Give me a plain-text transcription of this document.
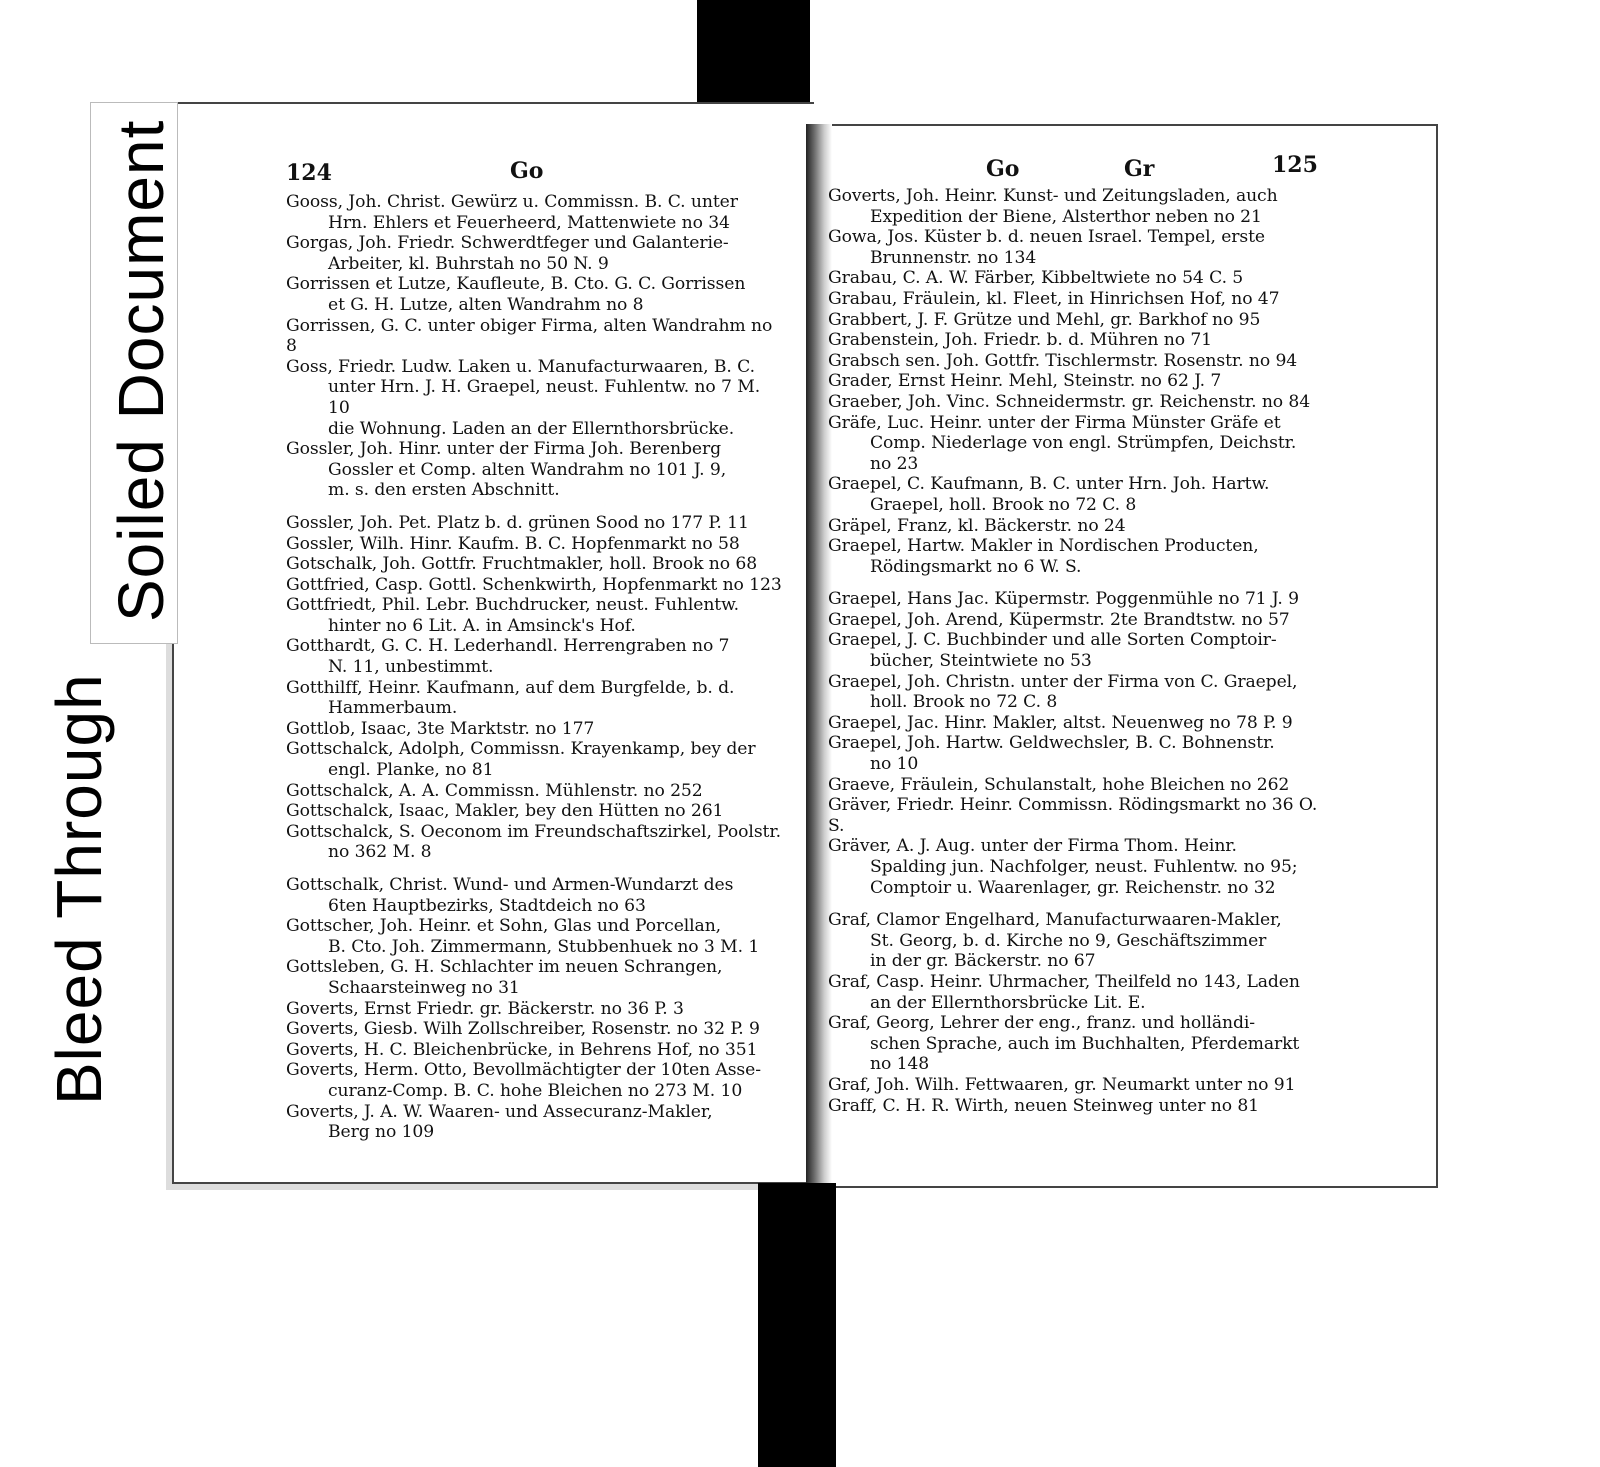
Soiled Document
Bleed Through
124	Go	Go	Gr	125
Gooss, Joh. Christ. Gewürz u. Commissn. B. C. unter
Hrn. Ehlers et Feuerheerd, Mattenwiete no 34
Gorgas, Joh. Friedr. Schwerdtfeger und Galanterie-
Arbeiter, kl. Buhrstah no 50 N. 9
Gorrissen et Lutze, Kaufleute, B. Cto. G. C. Gorrissen
et G. H. Lutze, alten Wandrahm no 8
Gorrissen, G. C. unter obiger Firma, alten Wandrahm no 8
Goss, Friedr. Ludw. Laken u. Manufacturwaaren, B. C.
unter Hrn. J. H. Graepel, neust. Fuhlentw. no 7 M. 10
die Wohnung. Laden an der Ellernthorsbrücke.
Gossler, Joh. Hinr. unter der Firma Joh. Berenberg
Gossler et Comp. alten Wandrahm no 101 J. 9,
m. s. den ersten Abschnitt.
Gossler, Joh. Pet. Platz b. d. grünen Sood no 177 P. 11
Gossler, Wilh. Hinr. Kaufm. B. C. Hopfenmarkt no 58
Gotschalk, Joh. Gottfr. Fruchtmakler, holl. Brook no 68
Gottfried, Casp. Gottl. Schenkwirth, Hopfenmarkt no 123
Gottfriedt, Phil. Lebr. Buchdrucker, neust. Fuhlentw.
hinter no 6 Lit. A. in Amsinck's Hof.
Gotthardt, G. C. H. Lederhandl. Herrengraben no 7
N. 11, unbestimmt.
Gotthilff, Heinr. Kaufmann, auf dem Burgfelde, b. d.
Hammerbaum.
Gottlob, Isaac, 3te Marktstr. no 177
Gottschalck, Adolph, Commissn. Krayenkamp, bey der
engl. Planke, no 81
Gottschalck, A. A. Commissn. Mühlenstr. no 252
Gottschalck, Isaac, Makler, bey den Hütten no 261
Gottschalck, S. Oeconom im Freundschaftszirkel, Poolstr.
no 362 M. 8
Gottschalk, Christ. Wund- und Armen-Wundarzt des
6ten Hauptbezirks, Stadtdeich no 63
Gottscher, Joh. Heinr. et Sohn, Glas und Porcellan,
B. Cto. Joh. Zimmermann, Stubbenhuek no 3 M. 1
Gottsleben, G. H. Schlachter im neuen Schrangen,
Schaarsteinweg no 31
Goverts, Ernst Friedr. gr. Bäckerstr. no 36 P. 3
Goverts, Giesb. Wilh Zollschreiber, Rosenstr. no 32 P. 9
Goverts, H. C. Bleichenbrücke, in Behrens Hof, no 351
Goverts, Herm. Otto, Bevollmächtigter der 10ten Asse-
curanz-Comp. B. C. hohe Bleichen no 273 M. 10
Goverts, J. A. W. Waaren- und Assecuranz-Makler,
Berg no 109
Goverts, Joh. Heinr. Kunst- und Zeitungsladen, auch
Expedition der Biene, Alsterthor neben no 21
Gowa, Jos. Küster b. d. neuen Israel. Tempel, erste
Brunnenstr. no 134
Grabau, C. A. W. Färber, Kibbeltwiete no 54 C. 5
Grabau, Fräulein, kl. Fleet, in Hinrichsen Hof, no 47
Grabbert, J. F. Grütze und Mehl, gr. Barkhof no 95
Grabenstein, Joh. Friedr. b. d. Mühren no 71
Grabsch sen. Joh. Gottfr. Tischlermstr. Rosenstr. no 94
Grader, Ernst Heinr. Mehl, Steinstr. no 62 J. 7
Graeber, Joh. Vinc. Schneidermstr. gr. Reichenstr. no 84
Gräfe, Luc. Heinr. unter der Firma Münster Gräfe et
Comp. Niederlage von engl. Strümpfen, Deichstr.
no 23
Graepel, C. Kaufmann, B. C. unter Hrn. Joh. Hartw.
Graepel, holl. Brook no 72 C. 8
Gräpel, Franz, kl. Bäckerstr. no 24
Graepel, Hartw. Makler in Nordischen Producten,
Rödingsmarkt no 6 W. S.
Graepel, Hans Jac. Küpermstr. Poggenmühle no 71 J. 9
Graepel, Joh. Arend, Küpermstr. 2te Brandtstw. no 57
Graepel, J. C. Buchbinder und alle Sorten Comptoir-
bücher, Steintwiete no 53
Graepel, Joh. Christn. unter der Firma von C. Graepel,
holl. Brook no 72 C. 8
Graepel, Jac. Hinr. Makler, altst. Neuenweg no 78 P. 9
Graepel, Joh. Hartw. Geldwechsler, B. C. Bohnenstr.
no 10
Graeve, Fräulein, Schulanstalt, hohe Bleichen no 262
Gräver, Friedr. Heinr. Commissn. Rödingsmarkt no 36 O. S.
Gräver, A. J. Aug. unter der Firma Thom. Heinr.
Spalding jun. Nachfolger, neust. Fuhlentw. no 95;
Comptoir u. Waarenlager, gr. Reichenstr. no 32
Graf, Clamor Engelhard, Manufacturwaaren-Makler,
St. Georg, b. d. Kirche no 9, Geschäftszimmer
in der gr. Bäckerstr. no 67
Graf, Casp. Heinr. Uhrmacher, Theilfeld no 143, Laden
an der Ellernthorsbrücke Lit. E.
Graf, Georg, Lehrer der eng., franz. und holländi-
schen Sprache, auch im Buchhalten, Pferdemarkt
no 148
Graf, Joh. Wilh. Fettwaaren, gr. Neumarkt unter no 91
Graff, C. H. R. Wirth, neuen Steinweg unter no 81
